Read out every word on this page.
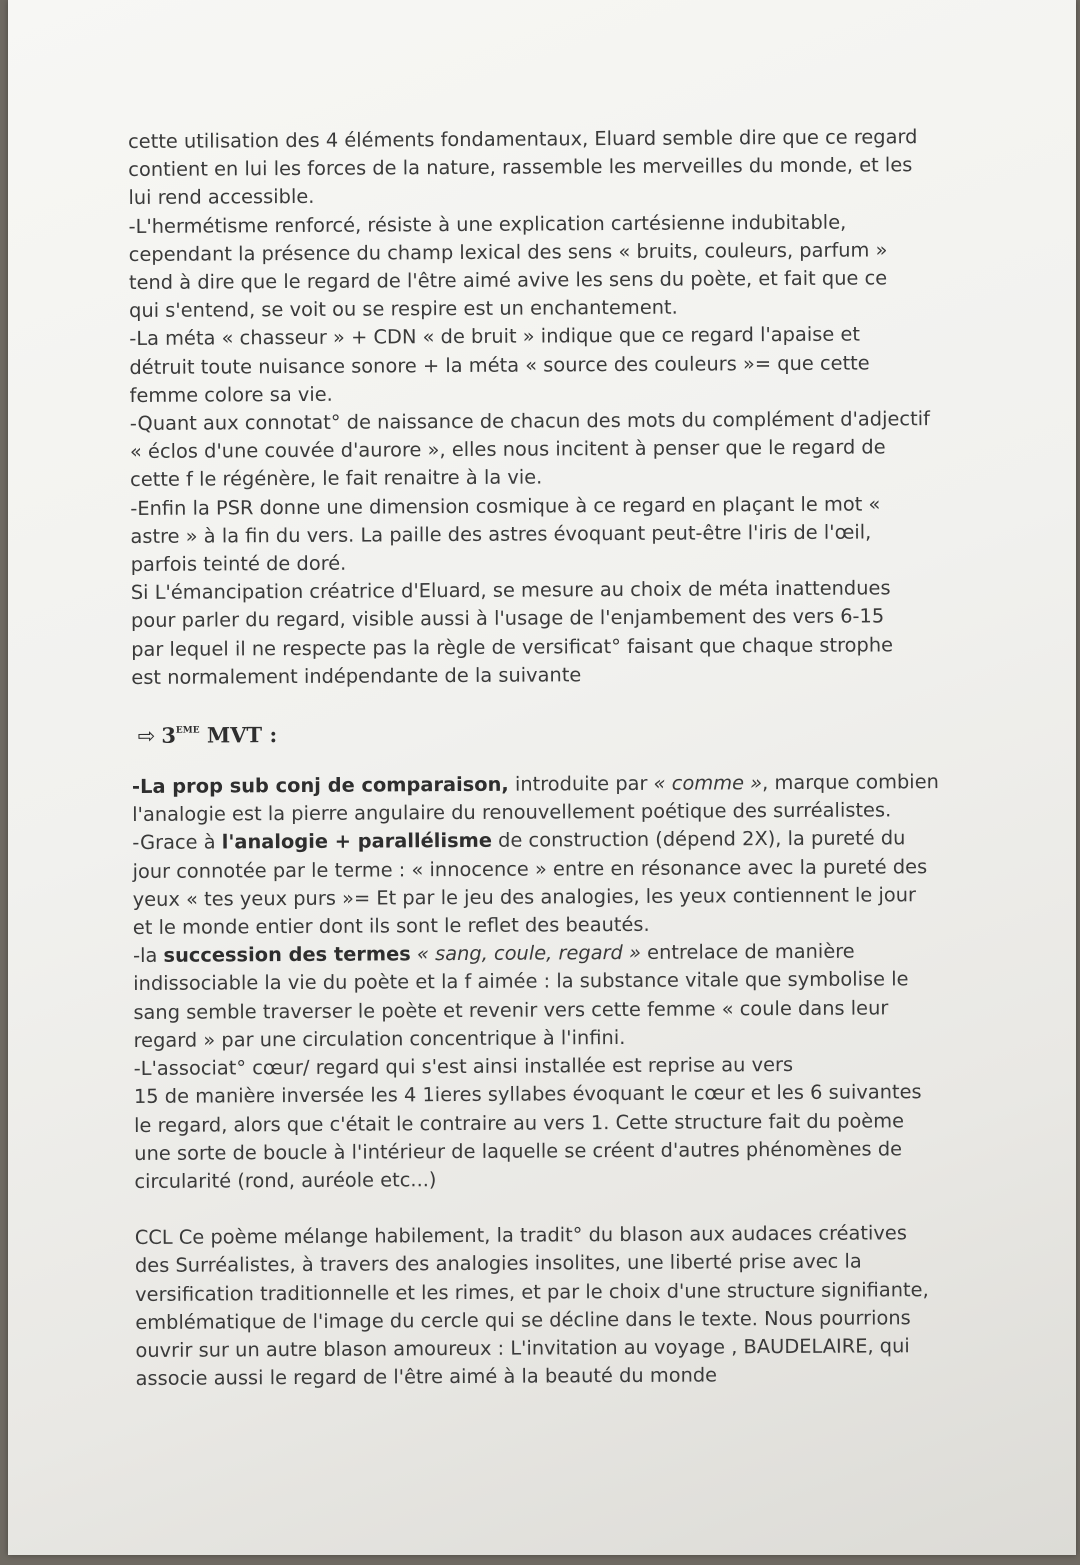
cette utilisation des 4 éléments fondamentaux, Eluard semble dire que ce regard
contient en lui les forces de la nature, rassemble les merveilles du monde, et les
lui rend accessible.
-L'hermétisme renforcé, résiste à une explication cartésienne indubitable,
cependant la présence du champ lexical des sens « bruits, couleurs, parfum »
tend à dire que le regard de l'être aimé avive les sens du poète, et fait que ce
qui s'entend, se voit ou se respire est un enchantement.
-La méta « chasseur » + CDN « de bruit » indique que ce regard l'apaise et
détruit toute nuisance sonore + la méta « source des couleurs »= que cette
femme colore sa vie.
-Quant aux connotat° de naissance de chacun des mots du complément d'adjectif
« éclos d'une couvée d'aurore », elles nous incitent à penser que le regard de
cette f le régénère, le fait renaitre à la vie.
-Enfin la PSR donne une dimension cosmique à ce regard en plaçant le mot «
astre » à la fin du vers. La paille des astres évoquant peut-être l'iris de l'œil,
parfois teinté de doré.
Si L'émancipation créatrice d'Eluard, se mesure au choix de méta inattendues
pour parler du regard, visible aussi à l'usage de l'enjambement des vers 6-15
par lequel il ne respecte pas la règle de versificat° faisant que chaque strophe
est normalement indépendante de la suivante
⇨ 3EME MVT :
-La prop sub conj de comparaison, introduite par « comme », marque combien
l'analogie est la pierre angulaire du renouvellement poétique des surréalistes.
-Grace à l'analogie + parallélisme de construction (dépend 2X), la pureté du
jour connotée par le terme : « innocence » entre en résonance avec la pureté des
yeux « tes yeux purs »= Et par le jeu des analogies, les yeux contiennent le jour
et le monde entier dont ils sont le reflet des beautés.
-la succession des termes « sang, coule, regard » entrelace de manière
indissociable la vie du poète et la f aimée : la substance vitale que symbolise le
sang semble traverser le poète et revenir vers cette femme « coule dans leur
regard » par une circulation concentrique à l'infini.
-L'associat° cœur/ regard qui s'est ainsi installée est reprise au vers
15 de manière inversée les 4 1ieres syllabes évoquant le cœur et les 6 suivantes
le regard, alors que c'était le contraire au vers 1. Cette structure fait du poème
une sorte de boucle à l'intérieur de laquelle se créent d'autres phénomènes de
circularité (rond, auréole etc...)
CCL Ce poème mélange habilement, la tradit° du blason aux audaces créatives
des Surréalistes, à travers des analogies insolites, une liberté prise avec la
versification traditionnelle et les rimes, et par le choix d'une structure signifiante,
emblématique de l'image du cercle qui se décline dans le texte. Nous pourrions
ouvrir sur un autre blason amoureux : L'invitation au voyage , BAUDELAIRE, qui
associe aussi le regard de l'être aimé à la beauté du monde
